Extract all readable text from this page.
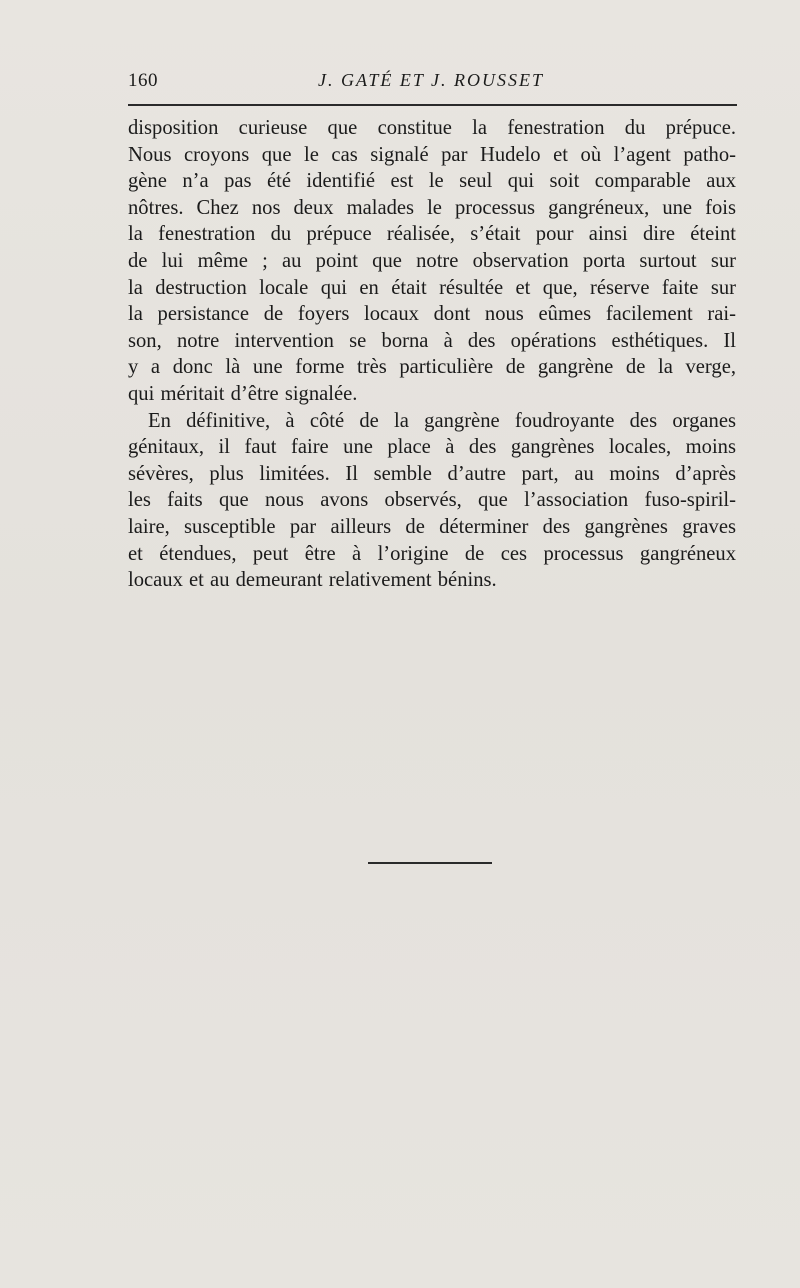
160	J. GATÉ ET J. ROUSSET

disposition curieuse que constitue la fenestration du prépuce.
Nous croyons que le cas signalé par Hudelo et où l’agent patho-
gène n’a pas été identifié est le seul qui soit comparable aux
nôtres. Chez nos deux malades le processus gangréneux, une fois
la fenestration du prépuce réalisée, s’était pour ainsi dire éteint
de lui même ; au point que notre observation porta surtout sur
la destruction locale qui en était résultée et que, réserve faite sur
la persistance de foyers locaux dont nous eûmes facilement rai-
son, notre intervention se borna à des opérations esthétiques. Il
y a donc là une forme très particulière de gangrène de la verge,
qui méritait d’être signalée.

En définitive, à côté de la gangrène foudroyante des organes
génitaux, il faut faire une place à des gangrènes locales, moins
sévères, plus limitées. Il semble d’autre part, au moins d’après
les faits que nous avons observés, que l’association fuso-spiril-
laire, susceptible par ailleurs de déterminer des gangrènes graves
et étendues, peut être à l’origine de ces processus gangréneux
locaux et au demeurant relativement bénins.
